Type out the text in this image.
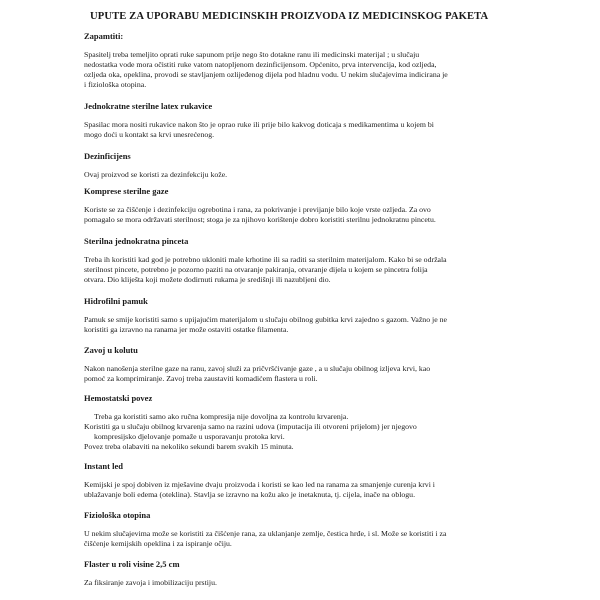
UPUTE ZA UPORABU MEDICINSKIH PROIZVODA IZ MEDICINSKOG PAKETA
Zapamtiti:
Spasitelj treba temeljito oprati ruke sapunom prije nego što dotakne ranu ili medicinski materijal ; u slučaju
nedostatka vode mora očistiti ruke vatom natopljenom dezinficijensom. Općenito, prva intervencija, kod ozljeda,
ozljeda oka, opeklina, provodi se stavljanjem ozlijeđenog dijela pod hladnu vodu. U nekim slučajevima indicirana je
i fiziološka otopina.
Jednokratne sterilne latex rukavice
Spasilac mora nositi rukavice nakon što je oprao ruke ili prije bilo kakvog doticaja s medikamentima u kojem bi
mogo doći u kontakt sa krvi unesrećenog.
Dezinficijens
Ovaj proizvod se koristi za dezinfekciju kože.
Komprese sterilne gaze
Koriste se za čišćenje i dezinfekciju ogrebotina i rana, za pokrivanje i previjanje bilo koje vrste ozljeda. Za ovo
pomagalo se mora održavati sterilnost; stoga je za njihovo korištenje dobro koristiti sterilnu jednokratnu pincetu.
Sterilna jednokratna pinceta
Treba ih koristiti kad god je potrebno ukloniti male krhotine ili sa raditi sa sterilnim materijalom. Kako bi se održala
sterilnost pincete, potrebno je pozorno paziti na otvaranje pakiranja, otvaranje dijela u kojem se pincetra folija
otvara. Dio kliješta koji možete dodirnuti rukama je središnji ili nazubljeni dio.
Hidrofilni pamuk
Pamuk se smije koristiti samo s upijajućim materijalom u slučaju obilnog gubitka krvi zajedno s gazom. Važno je ne
koristiti ga izravno na ranama jer može ostaviti ostatke filamenta.
Zavoj u kolutu
Nakon nanošenja sterilne gaze na ranu, zavoj služi za pričvršćivanje gaze , a u slučaju obilnog izljeva krvi, kao
pomoć za komprimiranje. Zavoj treba zaustaviti komadićem flastera u roli.
Hemostatski povez
Treba ga koristiti samo ako ručna kompresija nije dovoljna za kontrolu krvarenja.
Koristiti ga u slučaju obilnog krvarenja samo na razini udova (imputacija ili otvoreni prijelom) jer njegovo
kompresijsko djelovanje pomaže u usporavanju protoka krvi.
Povez treba olabaviti na nekoliko sekundi barem svakih 15 minuta.
Instant led
Kemijski je spoj dobiven iz mješavine dvaju proizvoda i koristi se kao led na ranama za smanjenje curenja krvi i
ublažavanje boli edema (oteklina). Stavlja se izravno na kožu ako je inetaknuta, tj. cijela, inače na oblogu.
Fiziološka otopina
U nekim slučajevima može se koristiti za čišćenje rana, za uklanjanje zemlje, čestica hrđe, i sl. Može se koristiti i za
čišćenje kemijskih opeklina i za ispiranje očiju.
Flaster u roli visine 2,5 cm
Za fiksiranje zavoja i imobilizaciju prstiju.
